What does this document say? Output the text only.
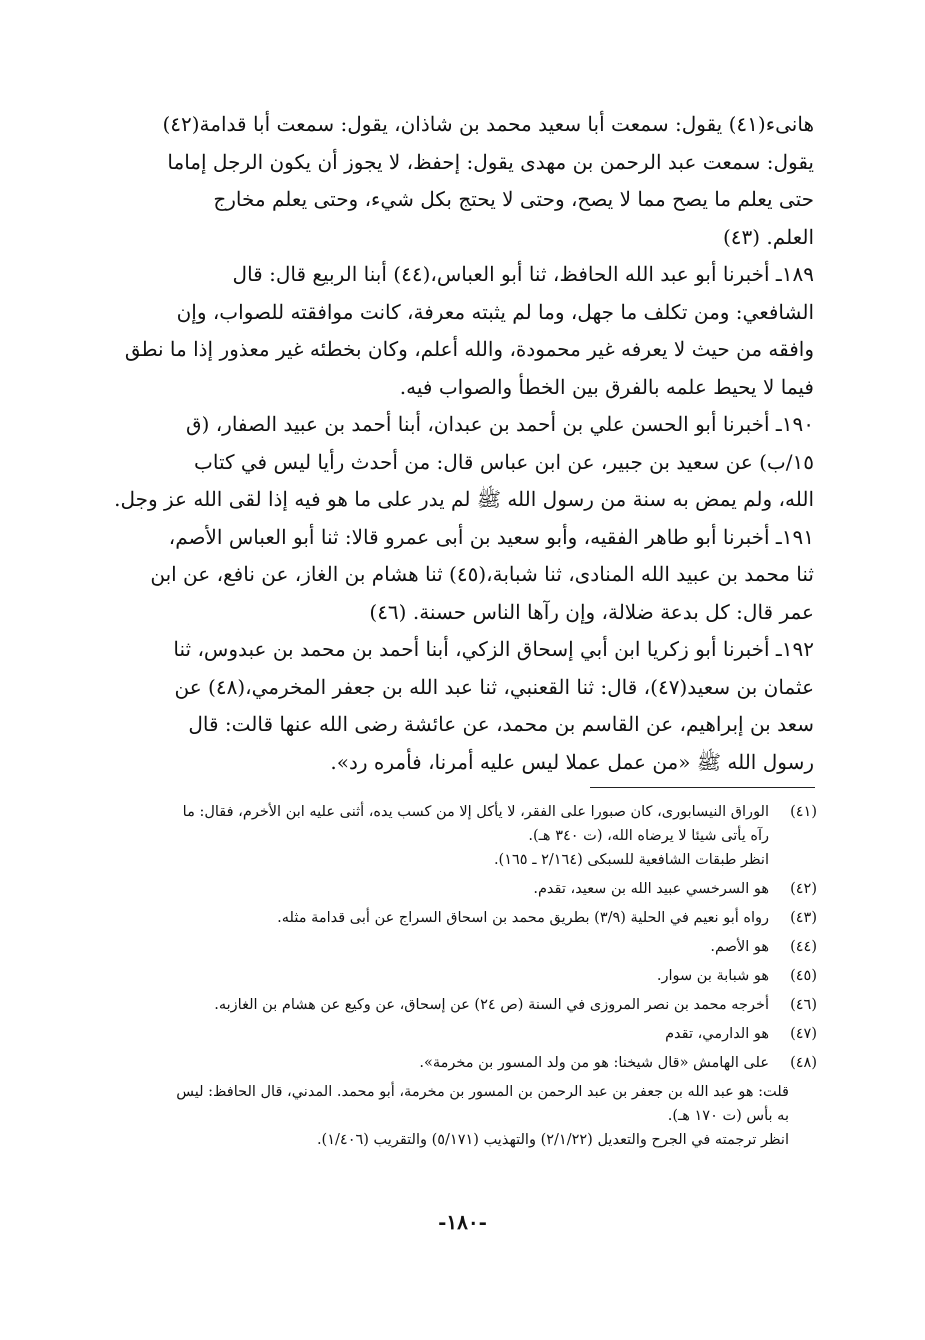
هانىء(٤١) يقول: سمعت أبا سعيد محمد بن شاذان، يقول: سمعت أبا قدامة(٤٢)

يقول: سمعت عبد الرحمن بن مهدى يقول: إحفظ، لا يجوز أن يكون الرجل إماما

حتى يعلم ما يصح مما لا يصح، وحتى لا يحتج بكل شيء، وحتى يعلم مخارج

العلم. (٤٣)

١٨٩ـ أخبرنا أبو عبد الله الحافظ، ثنا أبو العباس،(٤٤) أبنا الربيع قال: قال

الشافعي: ومن تكلف ما جهل، وما لم يثبته معرفة، كانت موافقته للصواب، وإن

وافقه من حيث لا يعرفه غير محمودة، والله أعلم، وكان بخطئه غير معذور إذا ما نطق

فيما لا يحيط علمه بالفرق بين الخطأ والصواب فيه.

١٩٠ـ أخبرنا أبو الحسن علي بن أحمد بن عبدان، أبنا أحمد بن عبيد الصفار، (ق

١٥/ب) عن سعيد بن جبير، عن ابن عباس قال: من أحدث رأيا ليس في كتاب

الله، ولم يمض به سنة من رسول الله ﷺ لم يدر على ما هو فيه إذا لقى الله عز وجل.

١٩١ـ أخبرنا أبو طاهر الفقيه، وأبو سعيد بن أبى عمرو قالا: ثنا أبو العباس الأصم،

ثنا محمد بن عبيد الله المنادى، ثنا شبابة،(٤٥) ثنا هشام بن الغاز، عن نافع، عن ابن

عمر قال: كل بدعة ضلالة، وإن رآها الناس حسنة. (٤٦)

١٩٢ـ أخبرنا أبو زكريا ابن أبي إسحاق الزكي، أبنا أحمد بن محمد بن عبدوس، ثنا

عثمان بن سعيد(٤٧)، قال: ثنا القعنبي، ثنا عبد الله بن جعفر المخرمي،(٤٨) عن

سعد بن إبراهيم، عن القاسم بن محمد، عن عائشة رضى الله عنها قالت: قال

رسول الله ﷺ «من عمل عملا ليس عليه أمرنا، فأمره رد».

(٤١)
الوراق النيسابورى، كان صبورا على الفقر، لا يأكل إلا من كسب يده، أثنى عليه ابن الأخرم، فقال: ما
رآه يأتى شيئا لا يرضاه الله، (ت ٣٤٠ هـ).
انظر طبقات الشافعية للسبكى (٢/١٦٤ ـ ١٦٥).
(٤٢)
هو السرخسي عبيد الله بن سعيد، تقدم.
(٤٣)
رواه أبو نعيم في الحلية (٣/٩) بطريق محمد بن اسحاق السراج عن أبى قدامة مثله.
(٤٤)
هو الأصم.
(٤٥)
هو شبابة بن سوار.
(٤٦)
أخرجه محمد بن نصر المروزى في السنة (ص ٢٤) عن إسحاق، عن وكيع عن هشام بن الغازبه.
(٤٧)
هو الدارمي، تقدم
(٤٨)
على الهامش «قال شيخنا: هو من ولد المسور بن مخرمة».
قلت: هو عبد الله بن جعفر بن عبد الرحمن بن المسور بن مخرمة، أبو محمد. المدني، قال الحافظ: ليس
به بأس (ت ١٧٠ هـ).
انظر ترجمته في الجرح والتعديل (٢/١/٢٢) والتهذيب (٥/١٧١) والتقريب (١/٤٠٦).
-١٨٠-
